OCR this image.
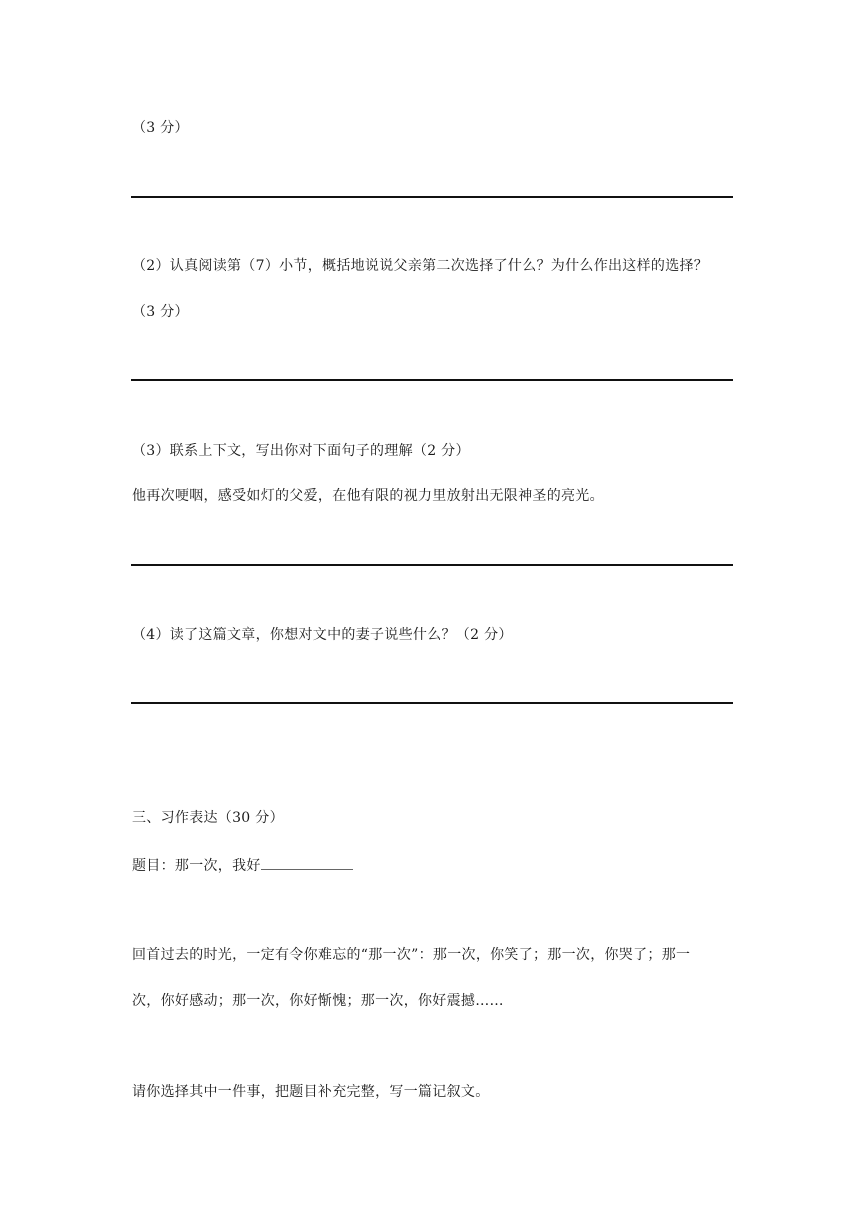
（3 分）
（2）认真阅读第（7）小节，概括地说说父亲第二次选择了什么？为什么作出这样的选择？
（3 分）
（3）联系上下文，写出你对下面句子的理解（2 分）
他再次哽咽，感受如灯的父爱，在他有限的视力里放射出无限神圣的亮光。
（4）读了这篇文章，你想对文中的妻子说些什么？（2 分）
三、习作表达（30 分）
题目：那一次，我好
回首过去的时光，一定有令你难忘的“那一次”：那一次，你笑了；那一次，你哭了；那一
次，你好感动；那一次，你好惭愧；那一次，你好震撼……
请你选择其中一件事，把题目补充完整，写一篇记叙文。
